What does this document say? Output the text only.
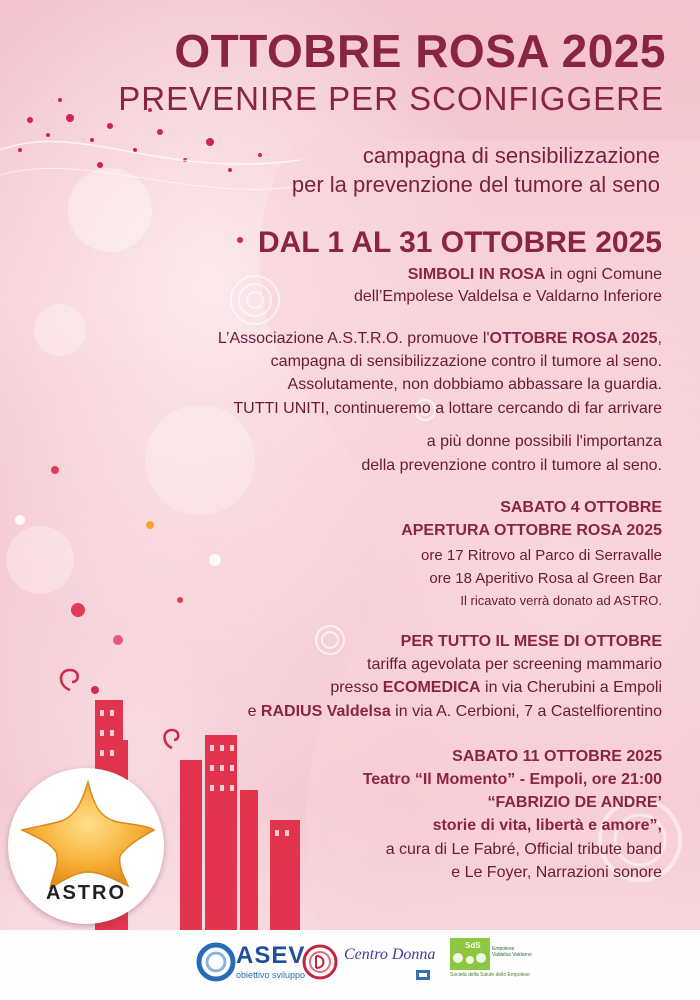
OTTOBRE ROSA 2025
PREVENIRE PER SCONFIGGERE
campagna di sensibilizzazione
per la prevenzione del tumore al seno
DAL 1 AL 31 OTTOBRE 2025
SIMBOLI IN ROSA in ogni Comune
dell’Empolese Valdelsa e Valdarno Inferiore
L’Associazione A.S.T.R.O. promuove l'OTTOBRE ROSA 2025,
campagna di sensibilizzazione contro il tumore al seno.
Assolutamente, non dobbiamo abbassare la guardia.
TUTTI UNITI, continueremo a lottare cercando di far arrivare
a più donne possibili l'importanza
della prevenzione contro il tumore al seno.
SABATO 4 OTTOBRE
APERTURA OTTOBRE ROSA 2025
ore 17 Ritrovo al Parco di Serravalle
ore 18 Aperitivo Rosa al Green Bar
Il ricavato verrà donato ad ASTRO.
PER TUTTO IL MESE DI OTTOBRE
tariffa agevolata per screening mammario
presso ECOMEDICA in via Cherubini a Empoli
e RADIUS Valdelsa in via A. Cerbioni, 7 a Castelfiorentino
SABATO 11 OTTOBRE 2025
Teatro “Il Momento” - Empoli, ore 21:00
“FABRIZIO DE ANDRE’
storie di vita, libertà e amore”,
a cura di Le Fabré, Official tribute band
e Le Foyer, Narrazioni sonore
ASTRO
ASEV
obiettivo sviluppo
Centro Donna
SdS Empolese Valdelsa Valdarno
Società della Salute dello Empolese
